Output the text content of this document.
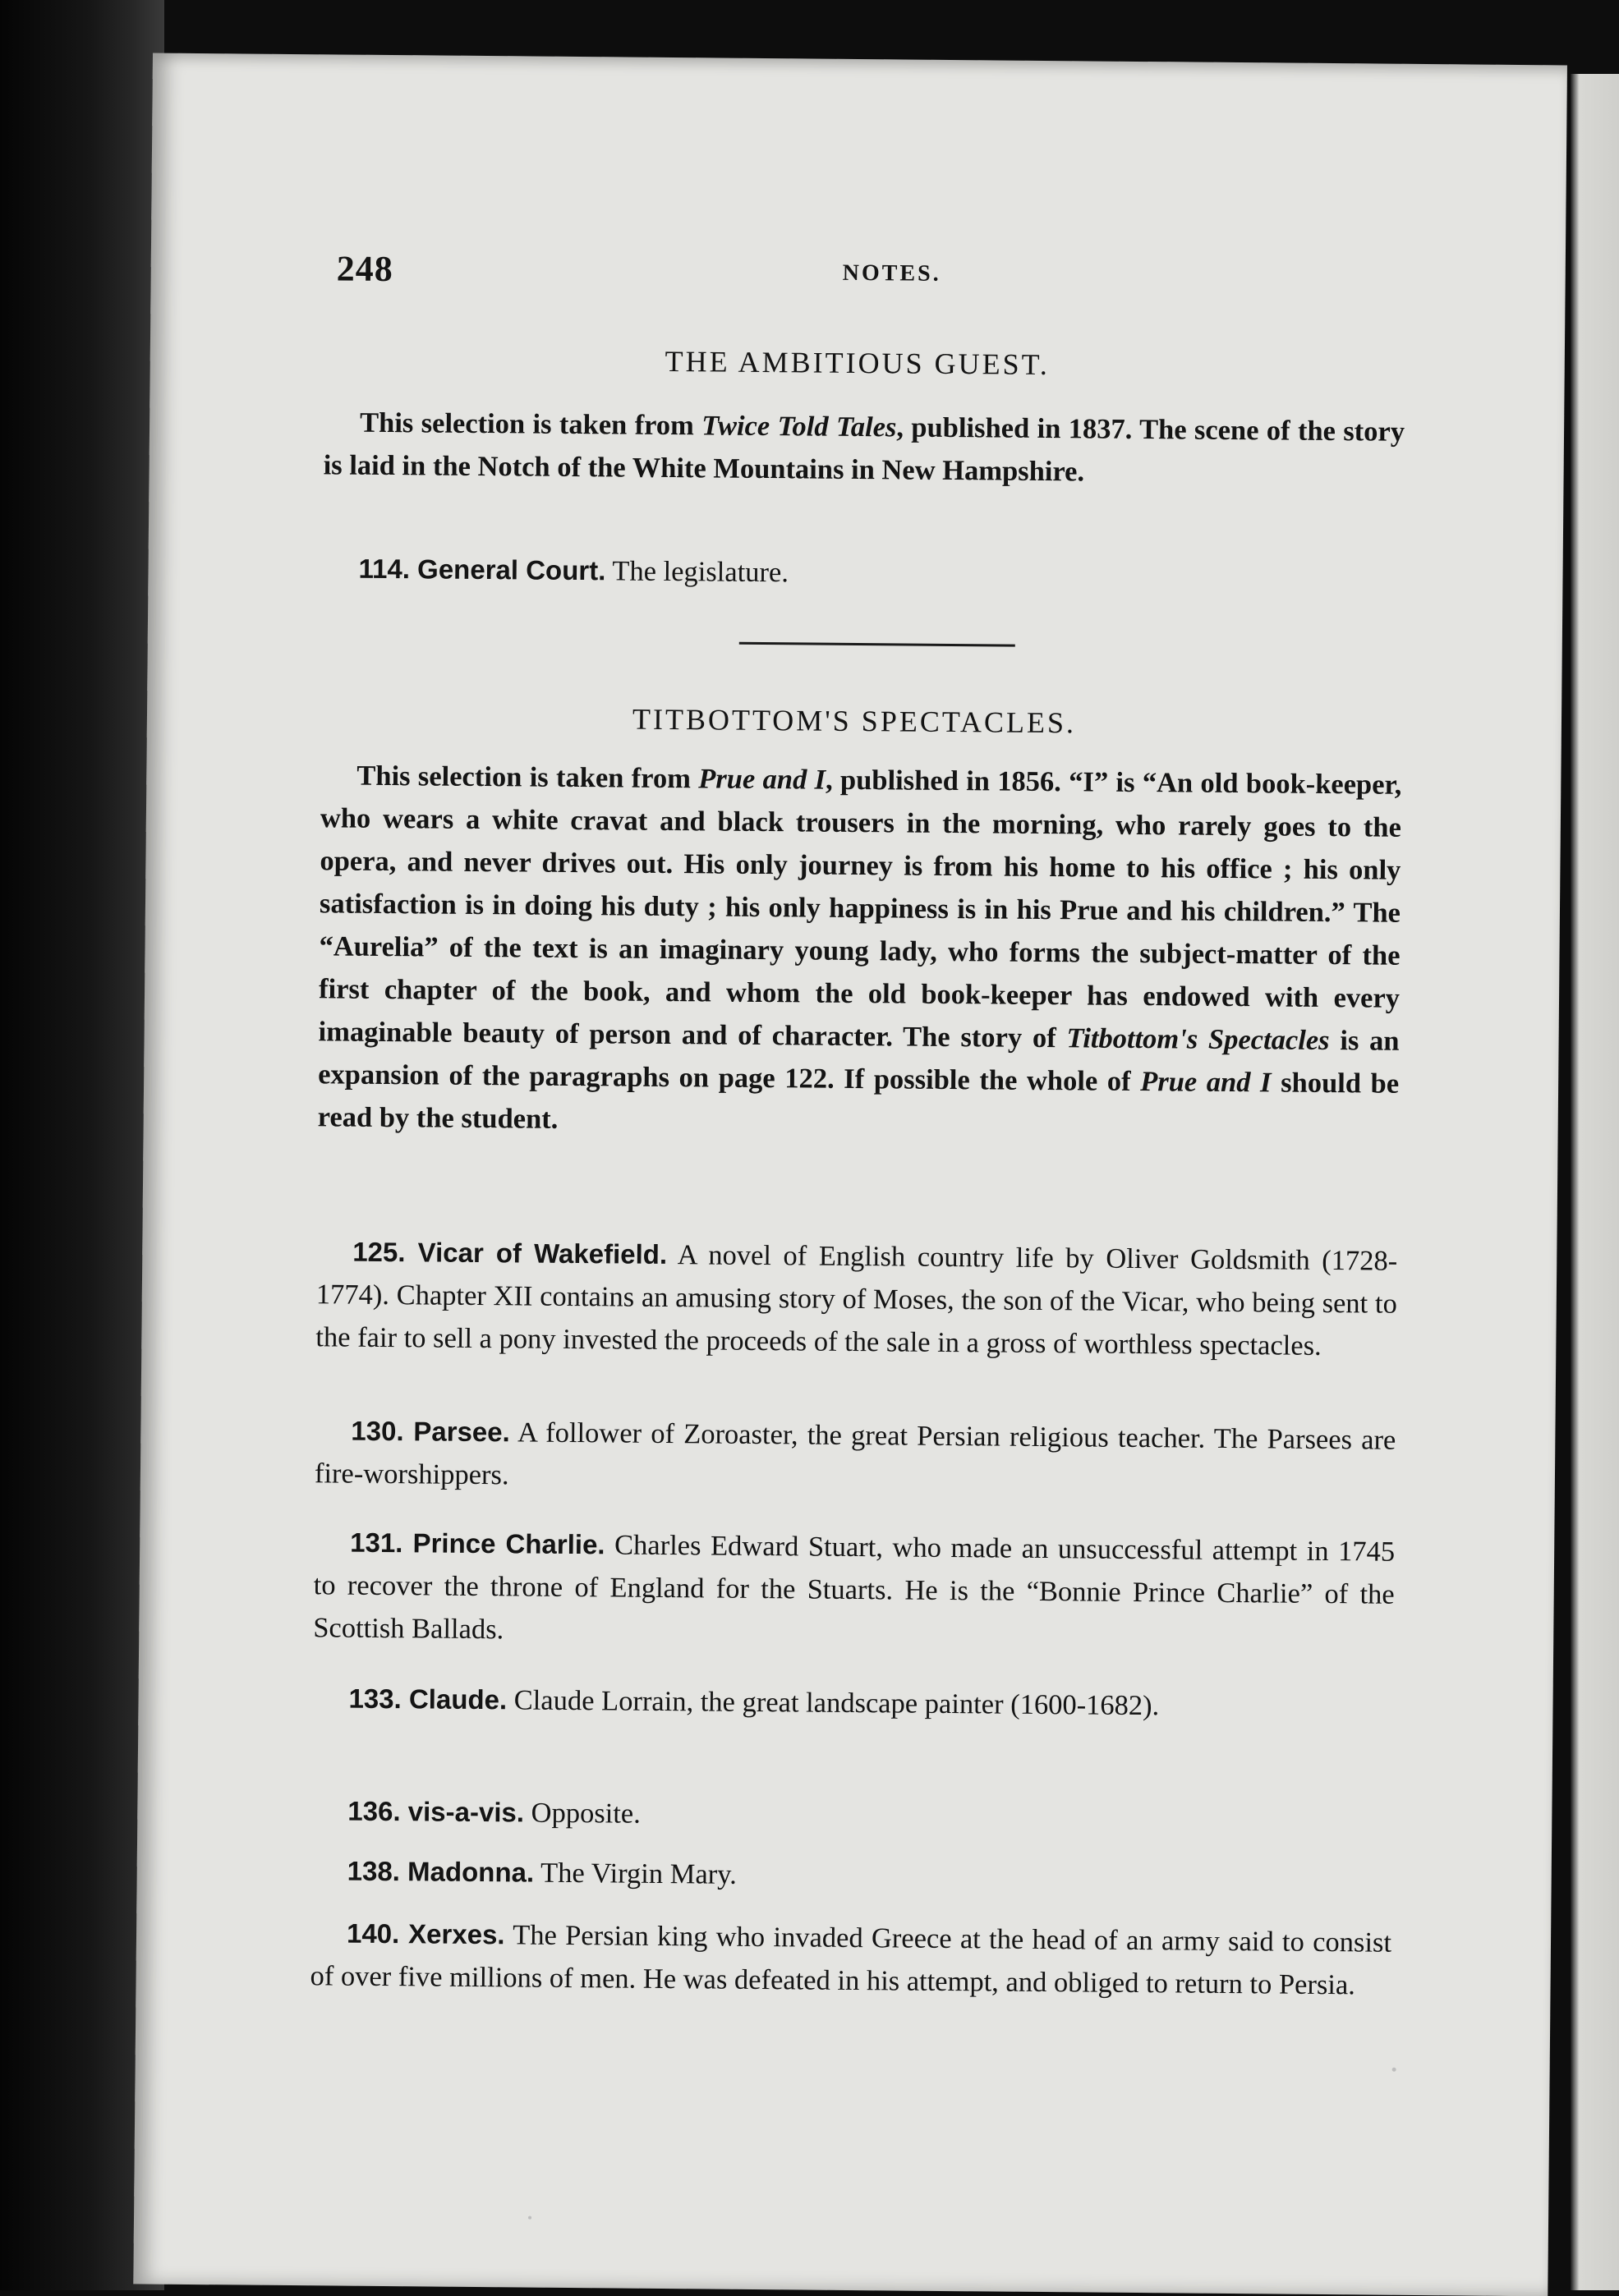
248	NOTES.
THE AMBITIOUS GUEST.

This selection is taken from Twice Told Tales, published in 1837. The scene of the story is laid in the Notch of the White Mountains in New Hampshire.

114. General Court. The legislature.

TITBOTTOM'S SPECTACLES.

This selection is taken from Prue and I, published in 1856. “I” is “An old book-keeper, who wears a white cravat and black trousers in the morning, who rarely goes to the opera, and never drives out. His only journey is from his home to his office ; his only satisfaction is in doing his duty ; his only happiness is in his Prue and his children.” The “Aurelia” of the text is an imaginary young lady, who forms the subject-matter of the first chapter of the book, and whom the old book-keeper has endowed with every imaginable beauty of person and of character. The story of Titbottom's Spectacles is an expansion of the paragraphs on page 122. If possible the whole of Prue and I should be read by the student.

125. Vicar of Wakefield. A novel of English country life by Oliver Goldsmith (1728-1774). Chapter XII contains an amusing story of Moses, the son of the Vicar, who being sent to the fair to sell a pony invested the proceeds of the sale in a gross of worthless spectacles.

130. Parsee. A follower of Zoroaster, the great Persian religious teacher. The Parsees are fire-worshippers.

131. Prince Charlie. Charles Edward Stuart, who made an unsuccessful attempt in 1745 to recover the throne of England for the Stuarts. He is the “Bonnie Prince Charlie” of the Scottish Ballads.

133. Claude. Claude Lorrain, the great landscape painter (1600-1682).

136. vis-a-vis. Opposite.

138. Madonna. The Virgin Mary.

140. Xerxes. The Persian king who invaded Greece at the head of an army said to consist of over five millions of men. He was defeated in his attempt, and obliged to return to Persia.
